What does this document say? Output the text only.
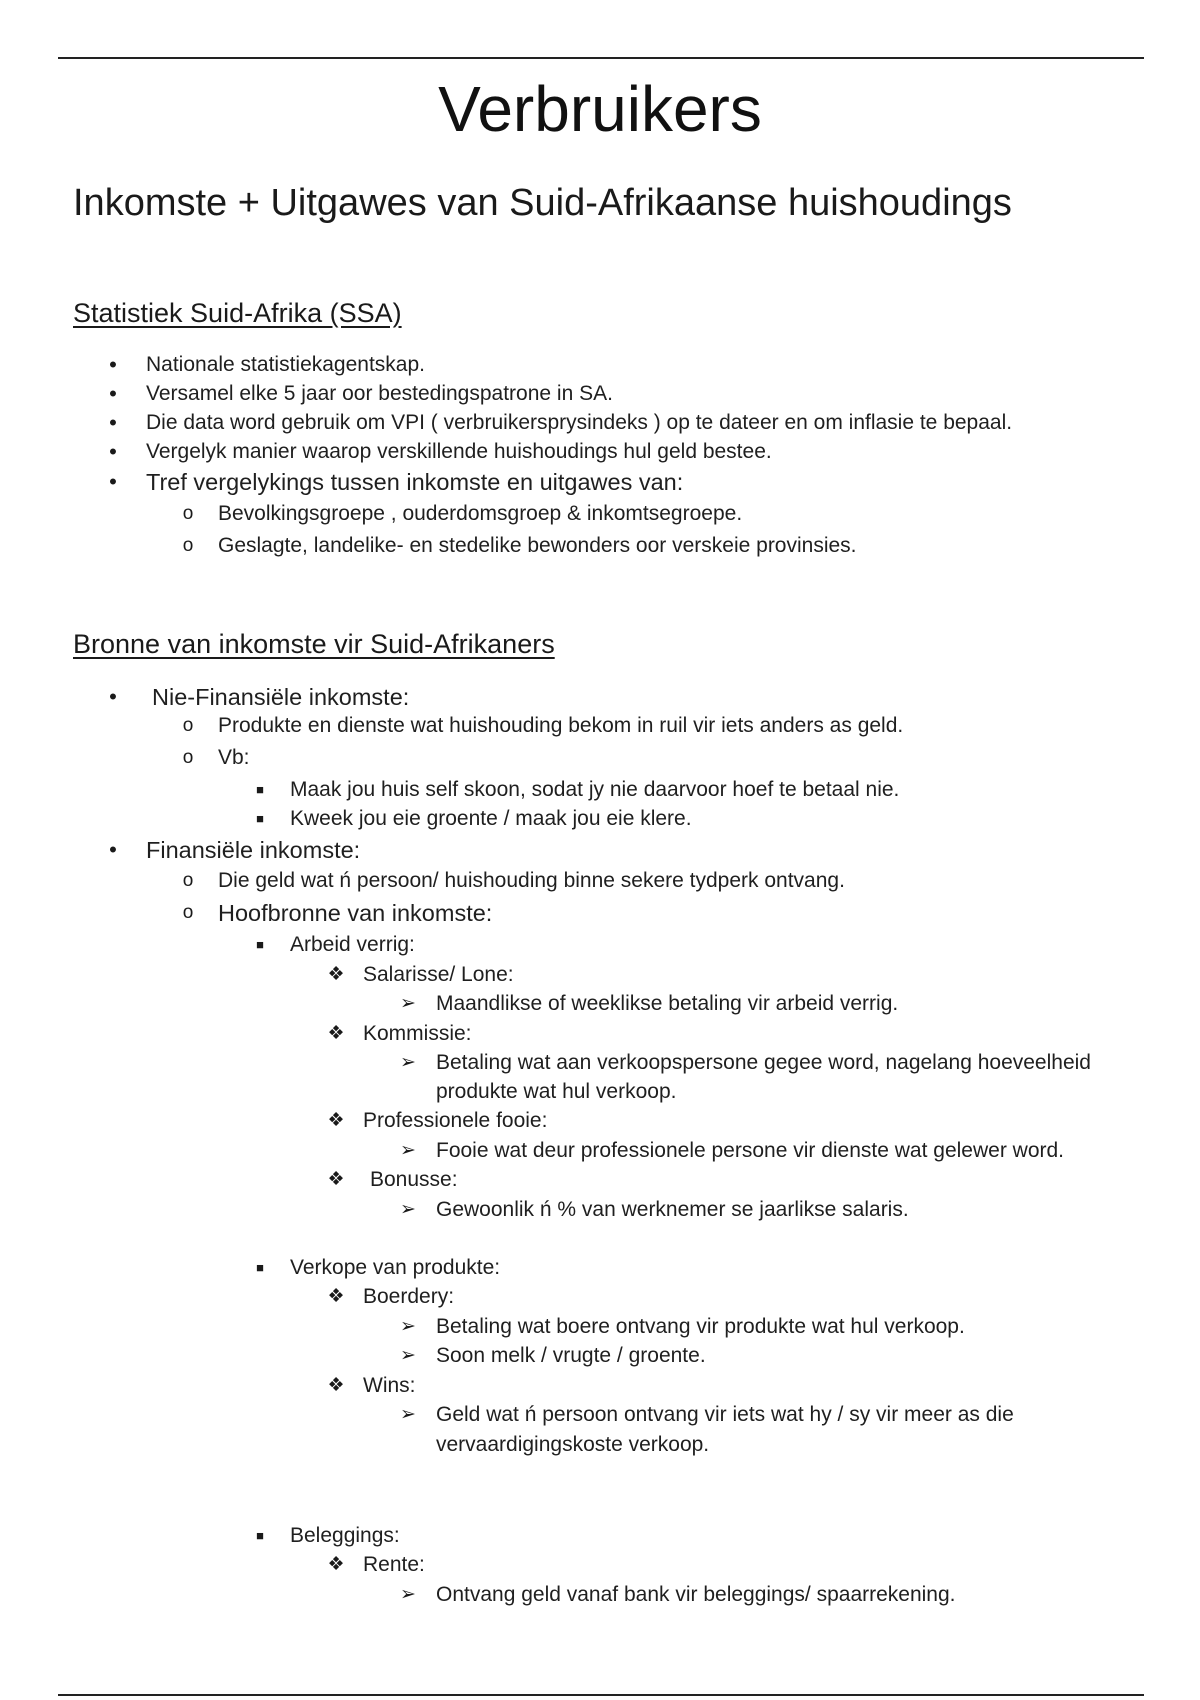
Verbruikers
Inkomste + Uitgawes van Suid-Afrikaanse huishoudings
Statistiek Suid-Afrika (SSA)
• Nationale statistiekagentskap.
• Versamel elke 5 jaar oor bestedingspatrone in SA.
• Die data word gebruik om VPI ( verbruikersprysindeks ) op te dateer en om inflasie te bepaal.
• Vergelyk manier waarop verskillende huishoudings hul geld bestee.
• Tref vergelykings tussen inkomste en uitgawes van:
o Bevolkingsgroepe , ouderdomsgroep & inkomtsegroepe.
o Geslagte, landelike- en stedelike bewonders oor verskeie provinsies.
Bronne van inkomste vir Suid-Afrikaners
• Nie-Finansiële inkomste:
o Produkte en dienste wat huishouding bekom in ruil vir iets anders as geld.
o Vb:
■ Maak jou huis self skoon, sodat jy nie daarvoor hoef te betaal nie.
■ Kweek jou eie groente / maak jou eie klere.
• Finansiële inkomste:
o Die geld wat ń persoon/ huishouding binne sekere tydperk ontvang.
o Hoofbronne van inkomste:
■ Arbeid verrig:
❖ Salarisse/ Lone:
➢ Maandlikse of weeklikse betaling vir arbeid verrig.
❖ Kommissie:
➢ Betaling wat aan verkoopspersone gegee word, nagelang hoeveelheid
produkte wat hul verkoop.
❖ Professionele fooie:
➢ Fooie wat deur professionele persone vir dienste wat gelewer word.
❖ Bonusse:
➢ Gewoonlik ń % van werknemer se jaarlikse salaris.
■ Verkope van produkte:
❖ Boerdery:
➢ Betaling wat boere ontvang vir produkte wat hul verkoop.
➢ Soon melk / vrugte / groente.
❖ Wins:
➢ Geld wat ń persoon ontvang vir iets wat hy / sy vir meer as die
vervaardigingskoste verkoop.
■ Beleggings:
❖ Rente:
➢ Ontvang geld vanaf bank vir beleggings/ spaarrekening.
